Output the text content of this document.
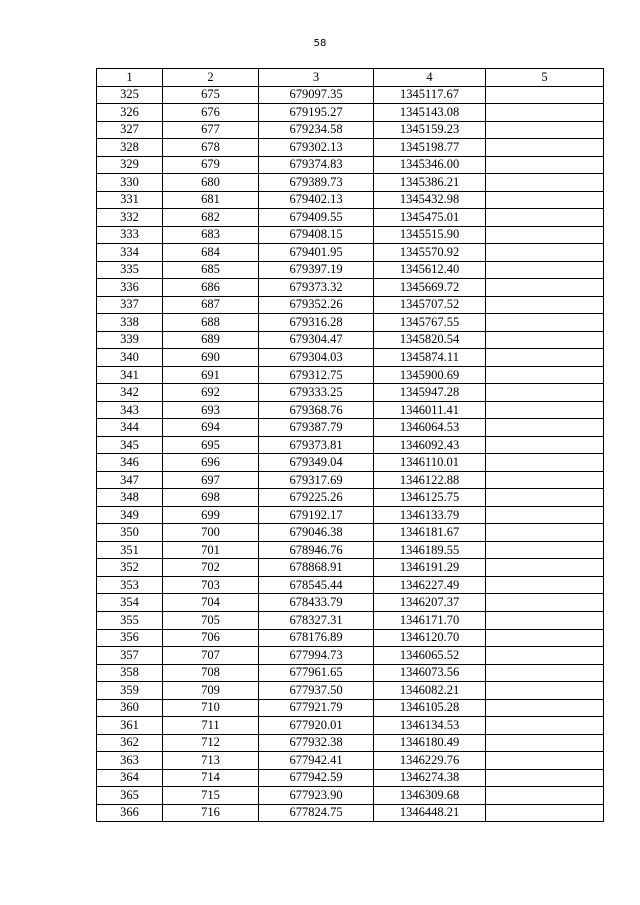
58
1	2	3	4	5
325	675	679097.35	1345117.67	
326	676	679195.27	1345143.08	
327	677	679234.58	1345159.23	
328	678	679302.13	1345198.77	
329	679	679374.83	1345346.00	
330	680	679389.73	1345386.21	
331	681	679402.13	1345432.98	
332	682	679409.55	1345475.01	
333	683	679408.15	1345515.90	
334	684	679401.95	1345570.92	
335	685	679397.19	1345612.40	
336	686	679373.32	1345669.72	
337	687	679352.26	1345707.52	
338	688	679316.28	1345767.55	
339	689	679304.47	1345820.54	
340	690	679304.03	1345874.11	
341	691	679312.75	1345900.69	
342	692	679333.25	1345947.28	
343	693	679368.76	1346011.41	
344	694	679387.79	1346064.53	
345	695	679373.81	1346092.43	
346	696	679349.04	1346110.01	
347	697	679317.69	1346122.88	
348	698	679225.26	1346125.75	
349	699	679192.17	1346133.79	
350	700	679046.38	1346181.67	
351	701	678946.76	1346189.55	
352	702	678868.91	1346191.29	
353	703	678545.44	1346227.49	
354	704	678433.79	1346207.37	
355	705	678327.31	1346171.70	
356	706	678176.89	1346120.70	
357	707	677994.73	1346065.52	
358	708	677961.65	1346073.56	
359	709	677937.50	1346082.21	
360	710	677921.79	1346105.28	
361	711	677920.01	1346134.53	
362	712	677932.38	1346180.49	
363	713	677942.41	1346229.76	
364	714	677942.59	1346274.38	
365	715	677923.90	1346309.68	
366	716	677824.75	1346448.21	
